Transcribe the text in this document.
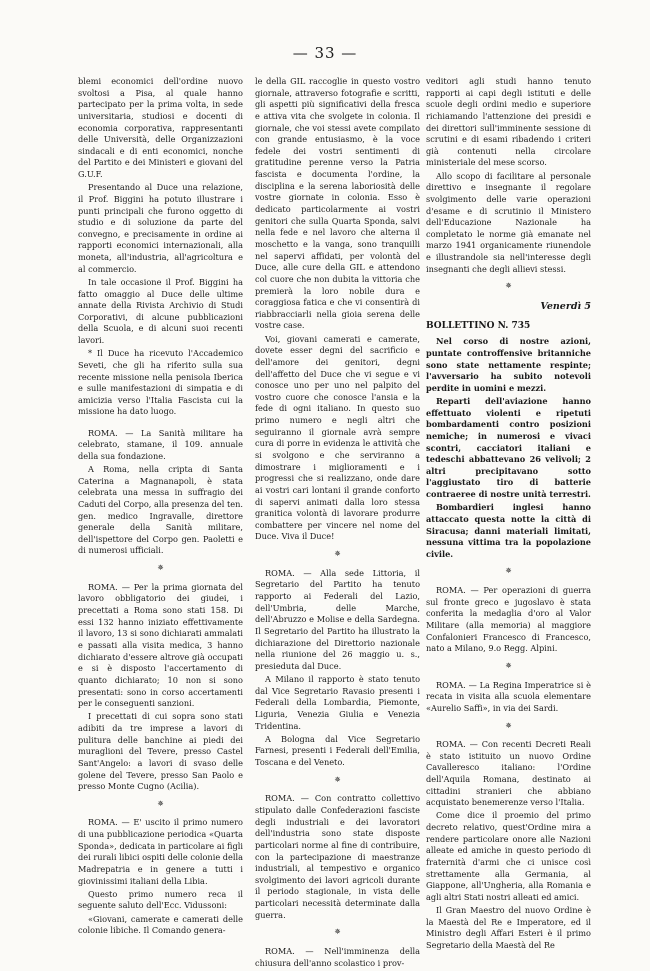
— 33 —

blemi economici dell'ordine nuovo svoltosi a Pisa, al quale hanno partecipato per la prima volta, in sede universitaria, studiosi e docenti di economia corporativa, rappresentanti delle Università, delle Organizzazioni sindacali e di enti economici, nonche del Partito e dei Ministeri e giovani del G.U.F.

Presentando al Duce una relazione, il Prof. Biggini ha potuto illustrare i punti principali che furono oggetto di studio e di soluzione da parte del convegno, e precisamente in ordine ai rapporti economici internazionali, alla moneta, all'industria, all'agricoltura e al commercio.

In tale occasione il Prof. Biggini ha fatto omaggio al Duce delle ultime annate della Rivista Archivio di Studi Corporativi, di alcune pubblicazioni della Scuola, e di alcuni suoi recenti lavori.

* Il Duce ha ricevuto l'Accademico Seveti, che gli ha riferito sulla sua recente missione nella penisola Iberica e sulle manifestazioni di simpatia e di amicizia verso l'Italia Fascista cui la missione ha dato luogo.

ROMA. — La Sanità militare ha celebrato, stamane, il 109. annuale della sua fondazione.

A Roma, nella cripta di Santa Caterina a Magnanapoli, è stata celebrata una messa in suffragio dei Caduti del Corpo, alla presenza del ten. gen. medico Ingravalle, direttore generale della Sanità militare, dell'ispettore del Corpo gen. Paoletti e di numerosi ufficiali.

✵

ROMA. — Per la prima giornata del lavoro obbligatorio dei giudei, i precettati a Roma sono stati 158. Di essi 132 hanno iniziato effettivamente il lavoro, 13 si sono dichiarati ammalati e passati alla visita medica, 3 hanno dichiarato d'essere altrove già occupati e si è disposto l'accertamento di quanto dichiarato; 10 non si sono presentati: sono in corso accertamenti per le conseguenti sanzioni.

I precettati di cui sopra sono stati adibiti da tre imprese a lavori di pulitura delle banchine ai piedi dei muraglioni del Tevere, presso Castel Sant'Angelo: a lavori di svaso delle golene del Tevere, presso San Paolo e presso Monte Cugno (Acilia).

✵

ROMA. — E' uscito il primo numero di una pubblicazione periodica «Quarta Sponda», dedicata in particolare ai figli dei rurali libici ospiti delle colonie della Madrepatria e in genere a tutti i giovinissimi italiani della Libia.

Questo primo numero reca il seguente saluto dell'Ecc. Vidussoni:

«Giovani, camerate e camerati delle colonie libiche. Il Comando genera-

le della GIL raccoglie in questo vostro giornale, attraverso fotografie e scritti, gli aspetti più significativi della fresca e attiva vita che svolgete in colonia. Il giornale, che voi stessi avete compilato con grande entusiasmo, è la voce fedele dei vostri sentimenti di gratitudine perenne verso la Patria fascista e documenta l'ordine, la disciplina e la serena laboriosità delle vostre giornate in colonia. Esso è dedicato particolarmente ai vostri genitori che sulla Quarta Sponda, salvi nella fede e nel lavoro che alterna il moschetto e la vanga, sono tranquilli nel sapervi affidati, per volontà del Duce, alle cure della GIL e attendono col cuore che non dubita la vittoria che premierà la loro nobile dura e coraggiosa fatica e che vi consentirà di riabbracciarli nella gioia serena delle vostre case.

Voi, giovani camerati e camerate, dovete esser degni del sacrificio e dell'amore dei genitori, degni dell'affetto del Duce che vi segue e vi conosce uno per uno nel palpito del vostro cuore che conosce l'ansia e la fede di ogni italiano. In questo suo primo numero e negli altri che seguiranno il giornale avrà sempre cura di porre in evidenza le attività che si svolgono e che serviranno a dimostrare i miglioramenti e i progressi che si realizzano, onde dare ai vostri cari lontani il grande conforto di sapervi animati dalla loro stessa granitica volontà di lavorare produrre combattere per vincere nel nome del Duce. Viva il Duce!

✵

ROMA. — Alla sede Littoria, il Segretario del Partito ha tenuto rapporto ai Federali del Lazio, dell'Umbria, delle Marche, dell'Abruzzo e Molise e della Sardegna. Il Segretario del Partito ha illustrato la dichiarazione del Direttorio nazionale nella riunione del 26 maggio u. s., presieduta dal Duce.

A Milano il rapporto è stato tenuto dal Vice Segretario Ravasio presenti i Federali della Lombardia, Piemonte, Liguria, Venezia Giulia e Venezia Tridentina.

A Bologna dal Vice Segretario Farnesi, presenti i Federali dell'Emilia, Toscana e del Veneto.

✵

ROMA. — Con contratto collettivo stipulato dalle Confederazioni fasciste degli industriali e dei lavoratori dell'industria sono state disposte particolari norme al fine di contribuire, con la partecipazione di maestranze industriali, al tempestivo e organico svolgimento dei lavori agricoli durante il periodo stagionale, in vista delle particolari necessità determinate dalla guerra.

✵

ROMA. — Nell'imminenza della chiusura dell'anno scolastico i prov-

veditori agli studi hanno tenuto rapporti ai capi degli istituti e delle scuole degli ordini medio e superiore richiamando l'attenzione dei presidi e dei direttori sull'imminente sessione di scrutini e di esami ribadendo i criteri già contenuti nella circolare ministeriale del mese scorso.

Allo scopo di facilitare al personale direttivo e insegnante il regolare svolgimento delle varie operazioni d'esame e di scrutinio il Ministero dell'Educazione Nazionale ha completato le norme già emanate nel marzo 1941 organicamente riunendole e illustrandole sia nell'interesse degli insegnanti che degli allievi stessi.

✵
Venerdì 5
BOLLETTINO N. 735

Nel corso di nostre azioni, puntate controffensive britanniche sono state nettamente respinte; l'avversario ha subito notevoli perdite in uomini e mezzi.

Reparti dell'aviazione hanno effettuato violenti e ripetuti bombardamenti contro posizioni nemiche; in numerosi e vivaci scontri, cacciatori italiani e tedeschi abbattevano 26 velivoli; 2 altri precipitavano sotto l'aggiustato tiro di batterie contraeree di nostre unità terrestri.

Bombardieri inglesi hanno attaccato questa notte la città di Siracusa; danni materiali limitati, nessuna vittima tra la popolazione civile.

✵

ROMA. — Per operazioni di guerra sul fronte greco e jugoslavo è stata conferita la medaglia d'oro al Valor Militare (alla memoria) al maggiore Confalonieri Francesco di Francesco, nato a Milano, 9.o Regg. Alpini.

✵

ROMA. — La Regina Imperatrice si è recata in visita alla scuola elementare «Aurelio Saffi», in via dei Sardi.

✵

ROMA. — Con recenti Decreti Reali è stato istituito un nuovo Ordine Cavalleresco italiano: l'Ordine dell'Aquila Romana, destinato ai cittadini stranieri che abbiano acquistato benemerenze verso l'Italia.

Come dice il proemio del primo decreto relativo, quest'Ordine mira a rendere particolare onore alle Nazioni alleate ed amiche in questo periodo di fraternità d'armi che ci unisce così strettamente alla Germania, al Giappone, all'Ungheria, alla Romania e agli altri Stati nostri alleati ed amici.

Il Gran Maestro del nuovo Ordine è la Maestà del Re e Imperatore, ed il Ministro degli Affari Esteri è il primo Segretario della Maestà del Re
